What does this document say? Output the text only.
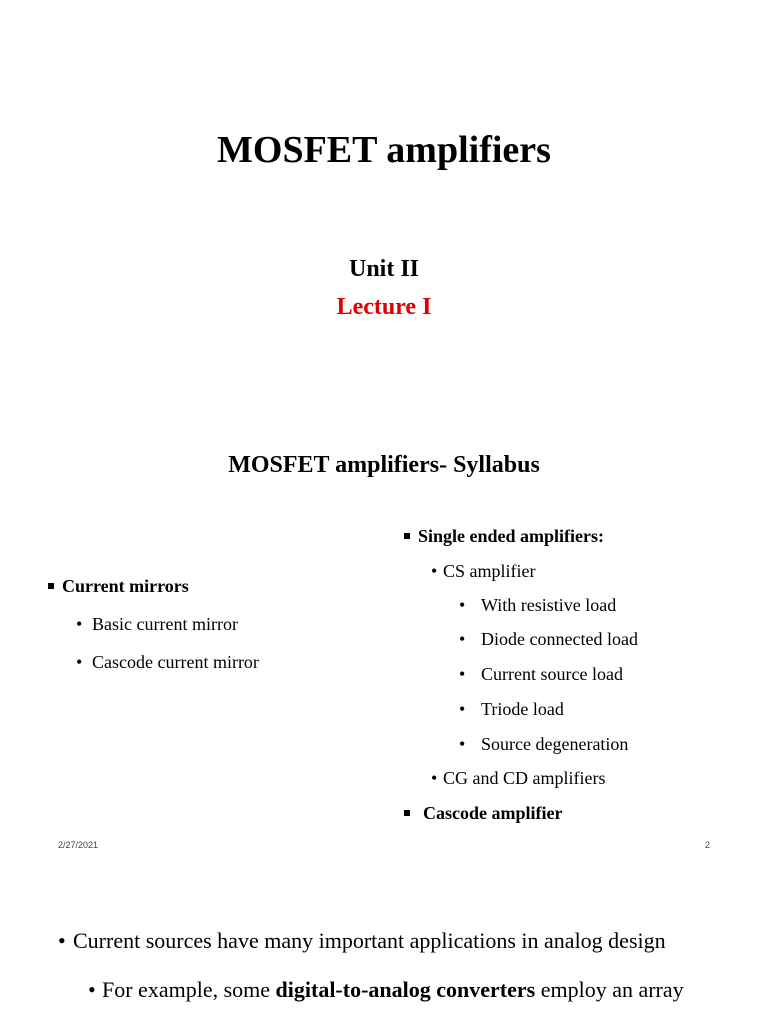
MOSFET amplifiers
Unit II
Lecture I
MOSFET amplifiers- Syllabus
Current mirrors
• Basic current mirror
• Cascode current mirror
Single ended amplifiers:
• CS amplifier
• With resistive load
• Diode connected load
• Current source load
• Triode load
• Source degeneration
• CG and CD amplifiers
Cascode amplifier
2/27/2021	2
• Current sources have many important applications in analog design
• For example, some digital-to-analog converters employ an array
